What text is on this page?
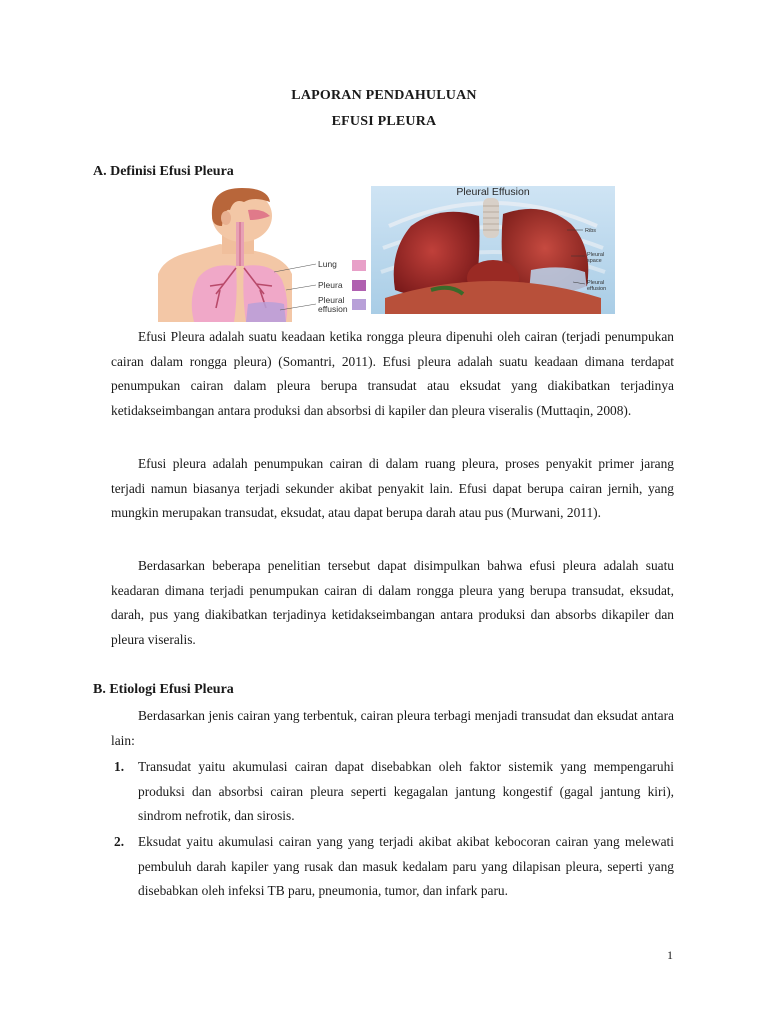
LAPORAN PENDAHULUAN
EFUSI PLEURA
A. Definisi Efusi Pleura
Lung
Pleura
Pleural
effusion
Pleural Effusion
Ribs
Pleural
space
Pleural
effusion

Efusi Pleura adalah suatu keadaan ketika rongga pleura dipenuhi oleh cairan (terjadi penumpukan cairan dalam rongga pleura) (Somantri, 2011). Efusi pleura adalah suatu keadaan dimana terdapat penumpukan cairan dalam pleura berupa transudat atau eksudat yang diakibatkan terjadinya ketidakseimbangan antara produksi dan absorbsi di kapiler dan pleura viseralis (Muttaqin, 2008).

Efusi pleura adalah penumpukan cairan di dalam ruang pleura, proses penyakit primer jarang terjadi namun biasanya terjadi sekunder akibat penyakit lain. Efusi dapat berupa cairan jernih, yang mungkin merupakan transudat, eksudat, atau dapat berupa darah atau pus (Murwani, 2011).

Berdasarkan beberapa penelitian tersebut dapat disimpulkan bahwa efusi pleura adalah suatu keadaran dimana terjadi penumpukan cairan di dalam rongga pleura yang berupa transudat, eksudat, darah, pus yang diakibatkan terjadinya ketidakseimbangan antara produksi dan absorbs dikapiler dan pleura viseralis.

B. Etiologi Efusi Pleura

Berdasarkan jenis cairan yang terbentuk, cairan pleura terbagi menjadi transudat dan eksudat antara lain:

1. Transudat yaitu akumulasi cairan dapat disebabkan oleh faktor sistemik yang mempengaruhi produksi dan absorbsi cairan pleura seperti kegagalan jantung kongestif (gagal jantung kiri), sindrom nefrotik, dan sirosis.
2. Eksudat yaitu akumulasi cairan yang yang terjadi akibat akibat kebocoran cairan yang melewati pembuluh darah kapiler yang rusak dan masuk kedalam paru yang dilapisan pleura, seperti yang disebabkan oleh infeksi TB paru, pneumonia, tumor, dan infark paru.
1
